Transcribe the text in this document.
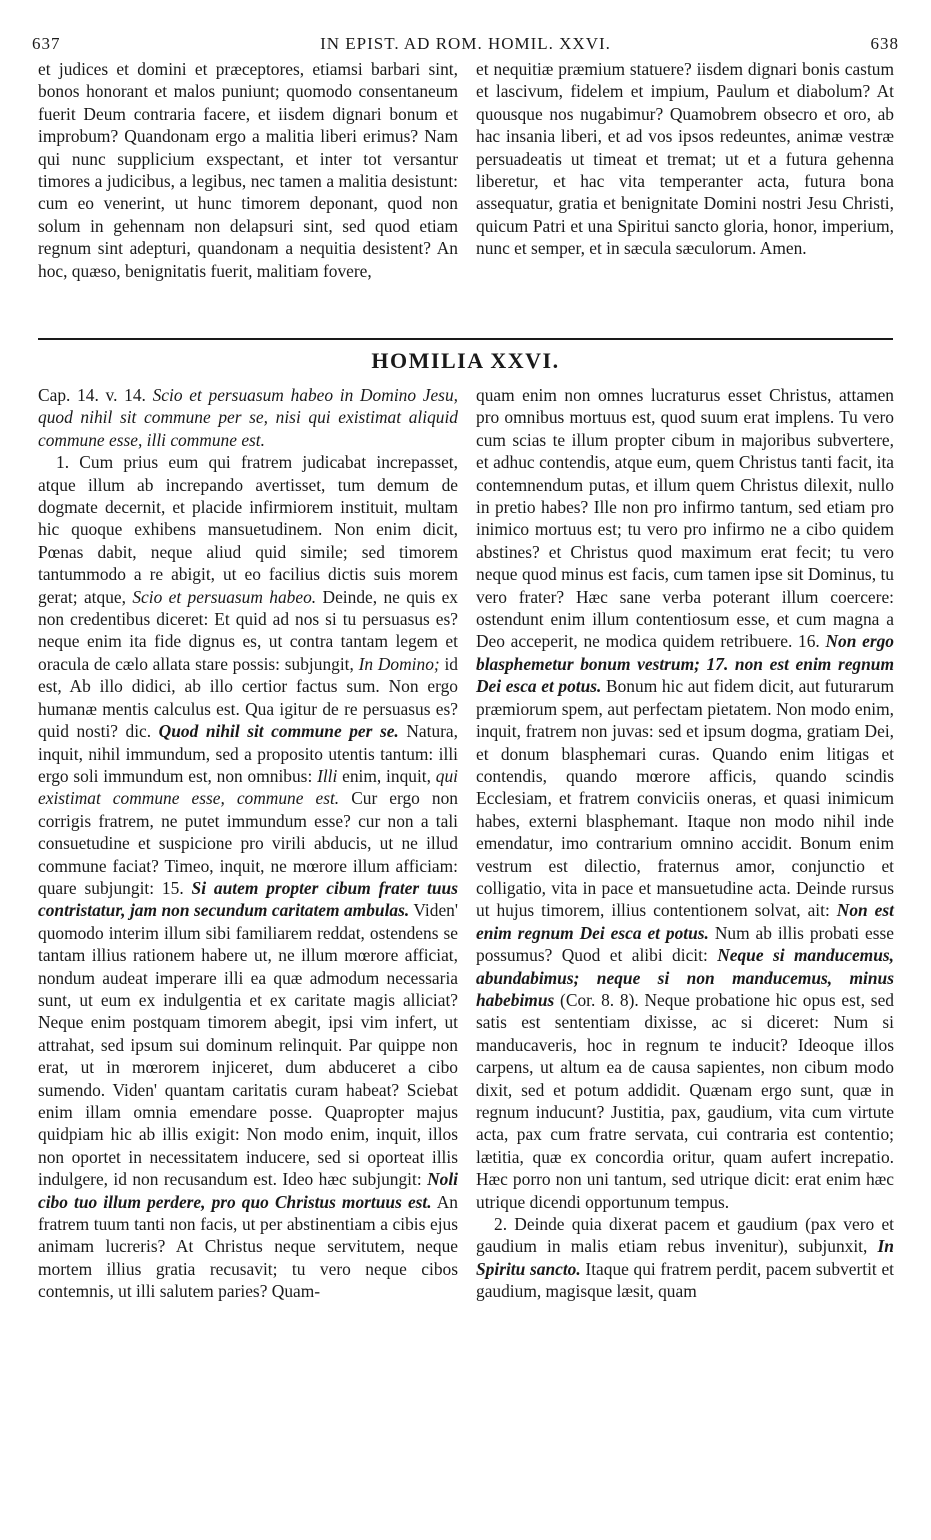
637	IN EPIST. AD ROM. HOMIL. XXVI.	638

et judices et domini et præceptores, etiamsi barbari sint, bonos honorant et malos puniunt; quomodo consentaneum fuerit Deum contraria facere, et iisdem dignari bonum et improbum? Quandonam ergo a malitia liberi erimus? Nam qui nunc supplicium exspectant, et inter tot versantur timores a judicibus, a legibus, nec tamen a malitia desistunt: cum eo venerint, ut hunc timorem deponant, quod non solum in gehennam non delapsuri sint, sed quod etiam regnum sint adepturi, quandonam a nequitia desistent? An hoc, quæso, benignitatis fuerit, malitiam fovere,

et nequitiæ præmium statuere? iisdem dignari bonis castum et lascivum, fidelem et impium, Paulum et diabolum? At quousque nos nugabimur? Quamobrem obsecro et oro, ab hac insania liberi, et ad vos ipsos redeuntes, animæ vestræ persuadeatis ut timeat et tremat; ut et a futura gehenna liberetur, et hac vita temperanter acta, futura bona assequatur, gratia et benignitate Domini nostri Jesu Christi, quicum Patri et una Spiritui sancto gloria, honor, imperium, nunc et semper, et in sæcula sæculorum. Amen.

HOMILIA XXVI.

Cap. 14. v. 14. Scio et persuasum habeo in Domino Jesu, quod nihil sit commune per se, nisi qui existimat aliquid commune esse, illi commune est.

1. Cum prius eum qui fratrem judicabat increpasset, atque illum ab increpando avertisset, tum demum de dogmate decernit, et placide infirmiorem instituit, multam hic quoque exhibens mansuetudinem. Non enim dicit, Pœnas dabit, neque aliud quid simile; sed timorem tantummodo a re abigit, ut eo facilius dictis suis morem gerat; atque, Scio et persuasum habeo. Deinde, ne quis ex non credentibus diceret: Et quid ad nos si tu persuasus es? neque enim ita fide dignus es, ut contra tantam legem et oracula de cælo allata stare possis: subjungit, In Domino; id est, Ab illo didici, ab illo certior factus sum. Non ergo humanæ mentis calculus est. Qua igitur de re persuasus es? quid nosti? dic. Quod nihil sit commune per se. Natura, inquit, nihil immundum, sed a proposito utentis tantum: illi ergo soli immundum est, non omnibus: Illi enim, inquit, qui existimat commune esse, commune est. Cur ergo non corrigis fratrem, ne putet immundum esse? cur non a tali consuetudine et suspicione pro virili abducis, ut ne illud commune faciat? Timeo, inquit, ne mœrore illum afficiam: quare subjungit: 15. Si autem propter cibum frater tuus contristatur, jam non secundum caritatem ambulas. Viden' quomodo interim illum sibi familiarem reddat, ostendens se tantam illius rationem habere ut, ne illum mœrore afficiat, nondum audeat imperare illi ea quæ admodum necessaria sunt, ut eum ex indulgentia et ex caritate magis alliciat? Neque enim postquam timorem abegit, ipsi vim infert, ut attrahat, sed ipsum sui dominum relinquit. Par quippe non erat, ut in mœrorem injiceret, dum abduceret a cibo sumendo. Viden' quantam caritatis curam habeat? Sciebat enim illam omnia emendare posse. Quapropter majus quidpiam hic ab illis exigit: Non modo enim, inquit, illos non oportet in necessitatem inducere, sed si oporteat illis indulgere, id non recusandum est. Ideo hæc subjungit: Noli cibo tuo illum perdere, pro quo Christus mortuus est. An fratrem tuum tanti non facis, ut per abstinentiam a cibis ejus animam lucreris? At Christus neque servitutem, neque mortem illius gratia recusavit; tu vero neque cibos contemnis, ut illi salutem paries? Quam-

quam enim non omnes lucraturus esset Christus, attamen pro omnibus mortuus est, quod suum erat implens. Tu vero cum scias te illum propter cibum in majoribus subvertere, et adhuc contendis, atque eum, quem Christus tanti facit, ita contemnendum putas, et illum quem Christus dilexit, nullo in pretio habes? Ille non pro infirmo tantum, sed etiam pro inimico mortuus est; tu vero pro infirmo ne a cibo quidem abstines? et Christus quod maximum erat fecit; tu vero neque quod minus est facis, cum tamen ipse sit Dominus, tu vero frater? Hæc sane verba poterant illum coercere: ostendunt enim illum contentiosum esse, et cum magna a Deo acceperit, ne modica quidem retribuere. 16. Non ergo blasphemetur bonum vestrum; 17. non est enim regnum Dei esca et potus. Bonum hic aut fidem dicit, aut futurarum præmiorum spem, aut perfectam pietatem. Non modo enim, inquit, fratrem non juvas: sed et ipsum dogma, gratiam Dei, et donum blasphemari curas. Quando enim litigas et contendis, quando mœrore afficis, quando scindis Ecclesiam, et fratrem conviciis oneras, et quasi inimicum habes, externi blasphemant. Itaque non modo nihil inde emendatur, imo contrarium omnino accidit. Bonum enim vestrum est dilectio, fraternus amor, conjunctio et colligatio, vita in pace et mansuetudine acta. Deinde rursus ut hujus timorem, illius contentionem solvat, ait: Non est enim regnum Dei esca et potus. Num ab illis probati esse possumus? Quod et alibi dicit: Neque si manducemus, abundabimus; neque si non manducemus, minus habebimus (Cor. 8. 8). Neque probatione hic opus est, sed satis est sententiam dixisse, ac si diceret: Num si manducaveris, hoc in regnum te inducit? Ideoque illos carpens, ut altum ea de causa sapientes, non cibum modo dixit, sed et potum addidit. Quænam ergo sunt, quæ in regnum inducunt? Justitia, pax, gaudium, vita cum virtute acta, pax cum fratre servata, cui contraria est contentio; lætitia, quæ ex concordia oritur, quam aufert increpatio. Hæc porro non uni tantum, sed utrique dicit: erat enim hæc utrique dicendi opportunum tempus.

2. Deinde quia dixerat pacem et gaudium (pax vero et gaudium in malis etiam rebus invenitur), subjunxit, In Spiritu sancto. Itaque qui fratrem perdit, pacem subvertit et gaudium, magisque læsit, quam
